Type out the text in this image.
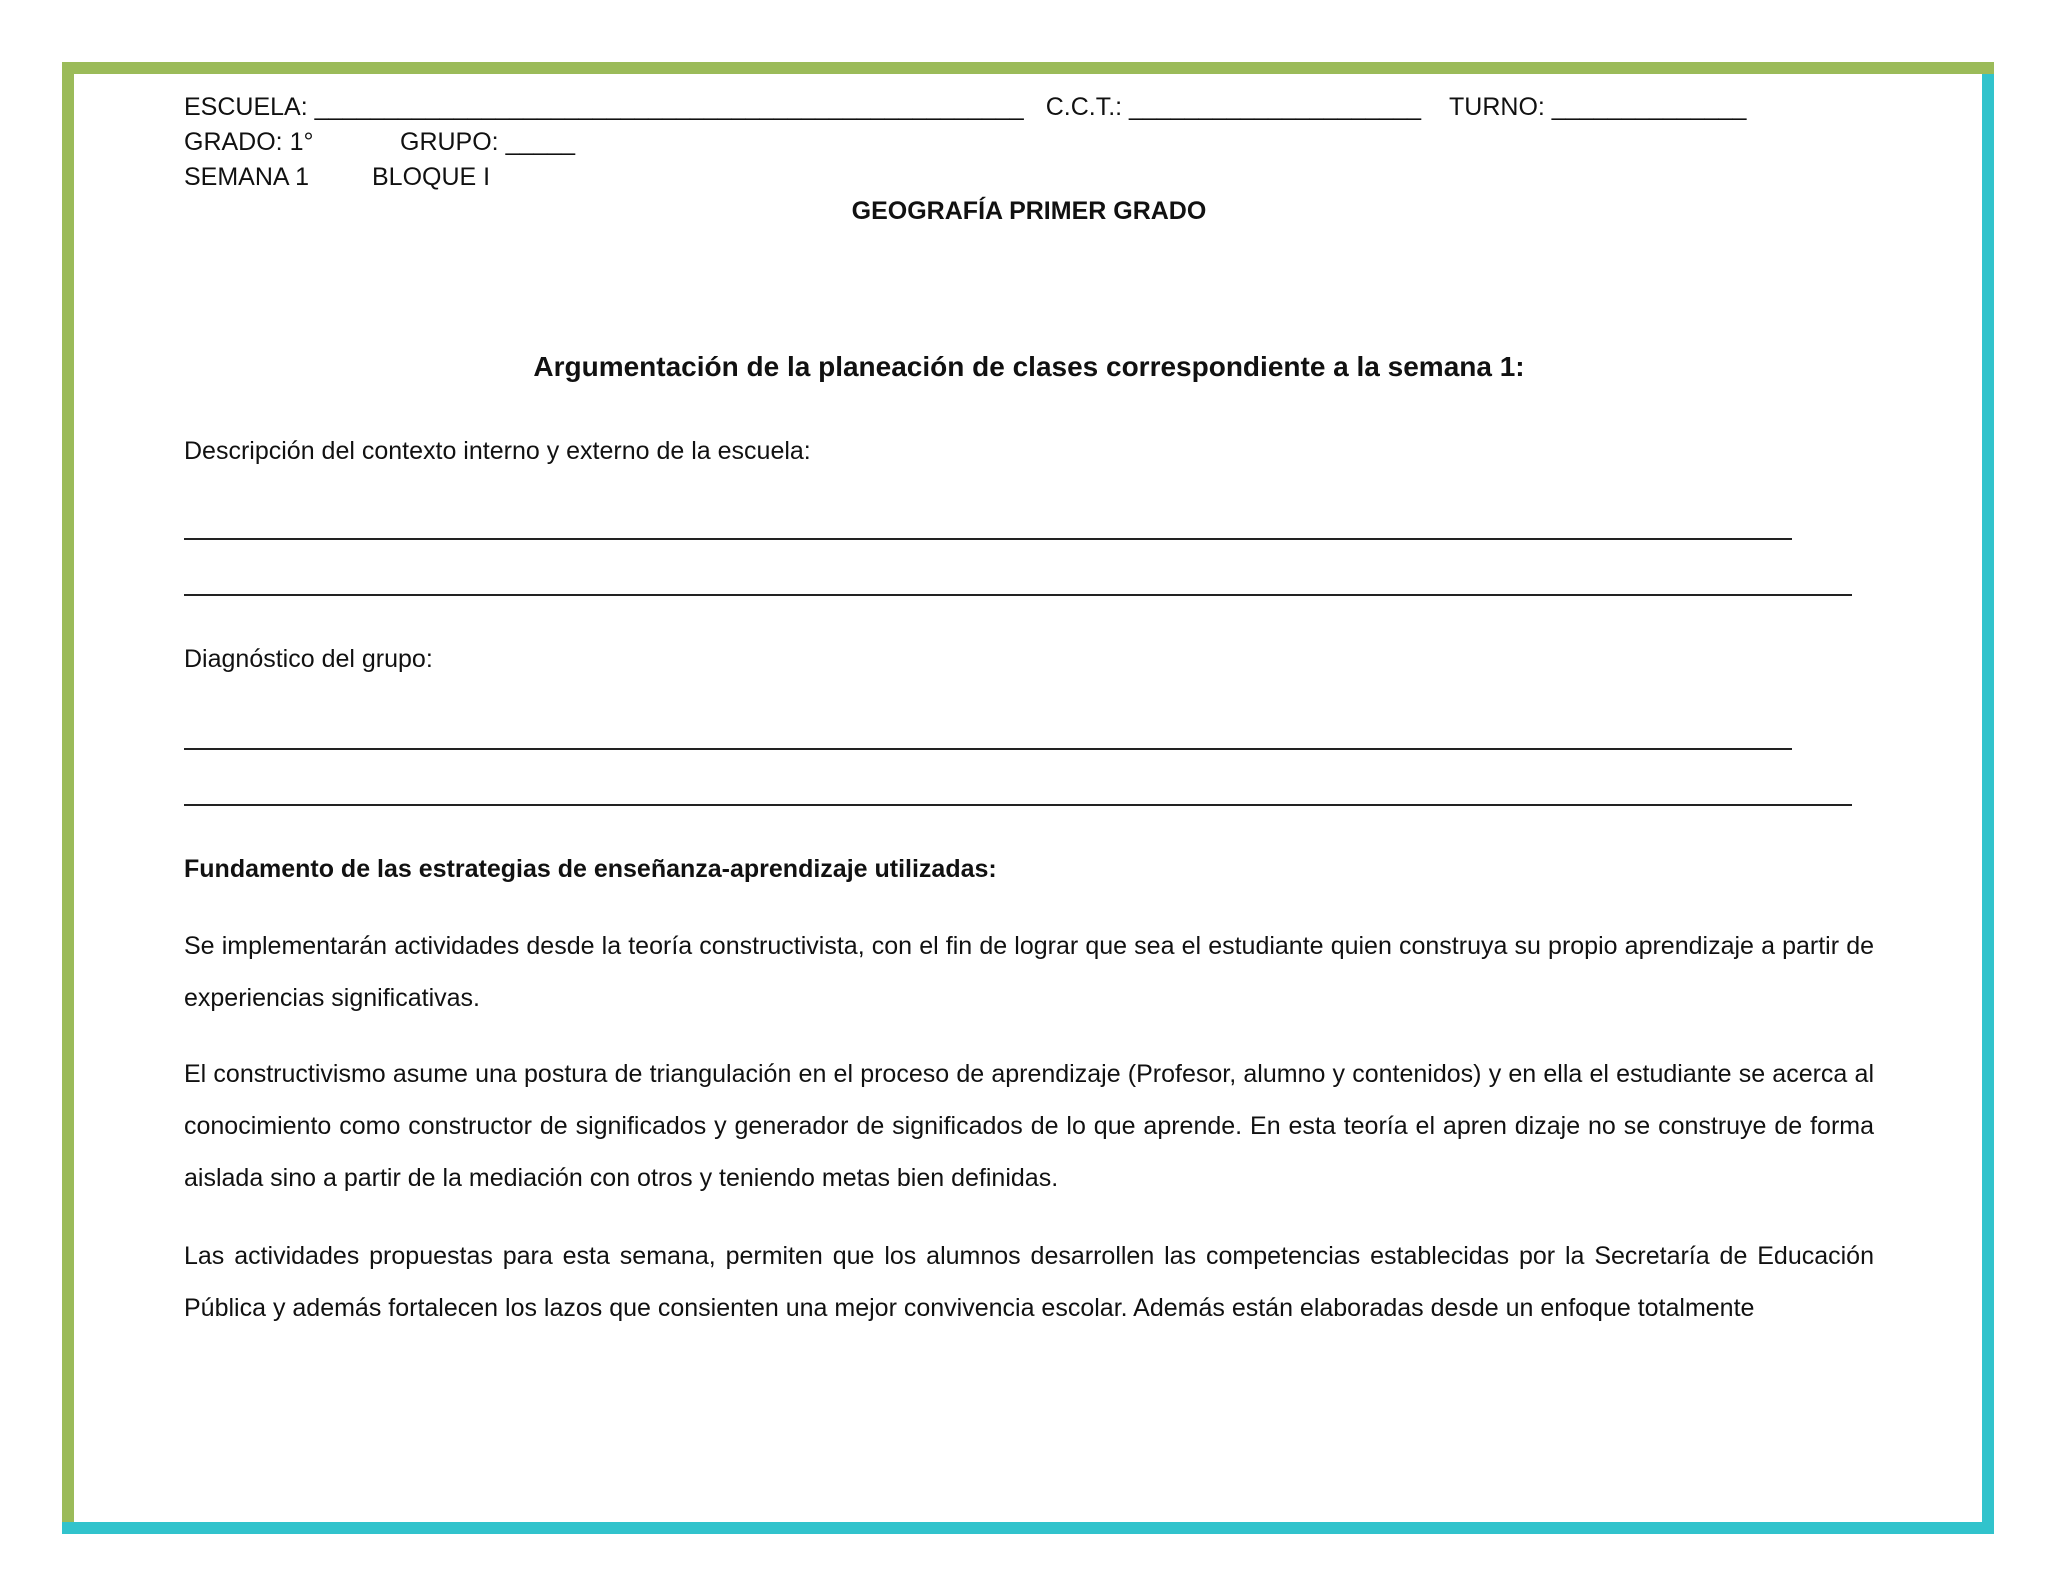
ESCUELA: ___________________________________________________ C.C.T.: _____________________ TURNO: ______________
GRADO: 1°	GRUPO: _____
SEMANA 1	BLOQUE I
GEOGRAFÍA PRIMER GRADO
Argumentación de la planeación de clases correspondiente a la semana 1:
Descripción del contexto interno y externo de la escuela:
Diagnóstico del grupo:
Fundamento de las estrategias de enseñanza-aprendizaje utilizadas:
Se implementarán actividades desde la teoría constructivista, con el fin de lograr que sea el estudiante quien construya su propio aprendizaje a partir de experiencias significativas.
El constructivismo asume una postura de triangulación en el proceso de aprendizaje (Profesor, alumno y contenidos) y en ella el estudiante se acerca al conocimiento como constructor de significados y generador de significados de lo que aprende. En esta teoría el apren dizaje no se construye de forma aislada sino a partir de la mediación con otros y teniendo metas bien definidas.
Las actividades propuestas para esta semana, permiten que los alumnos desarrollen las competencias establecidas por la Secretaría de Educación Pública y además fortalecen los lazos que consienten una mejor convivencia escolar. Además están elaboradas desde un enfoque totalmente
